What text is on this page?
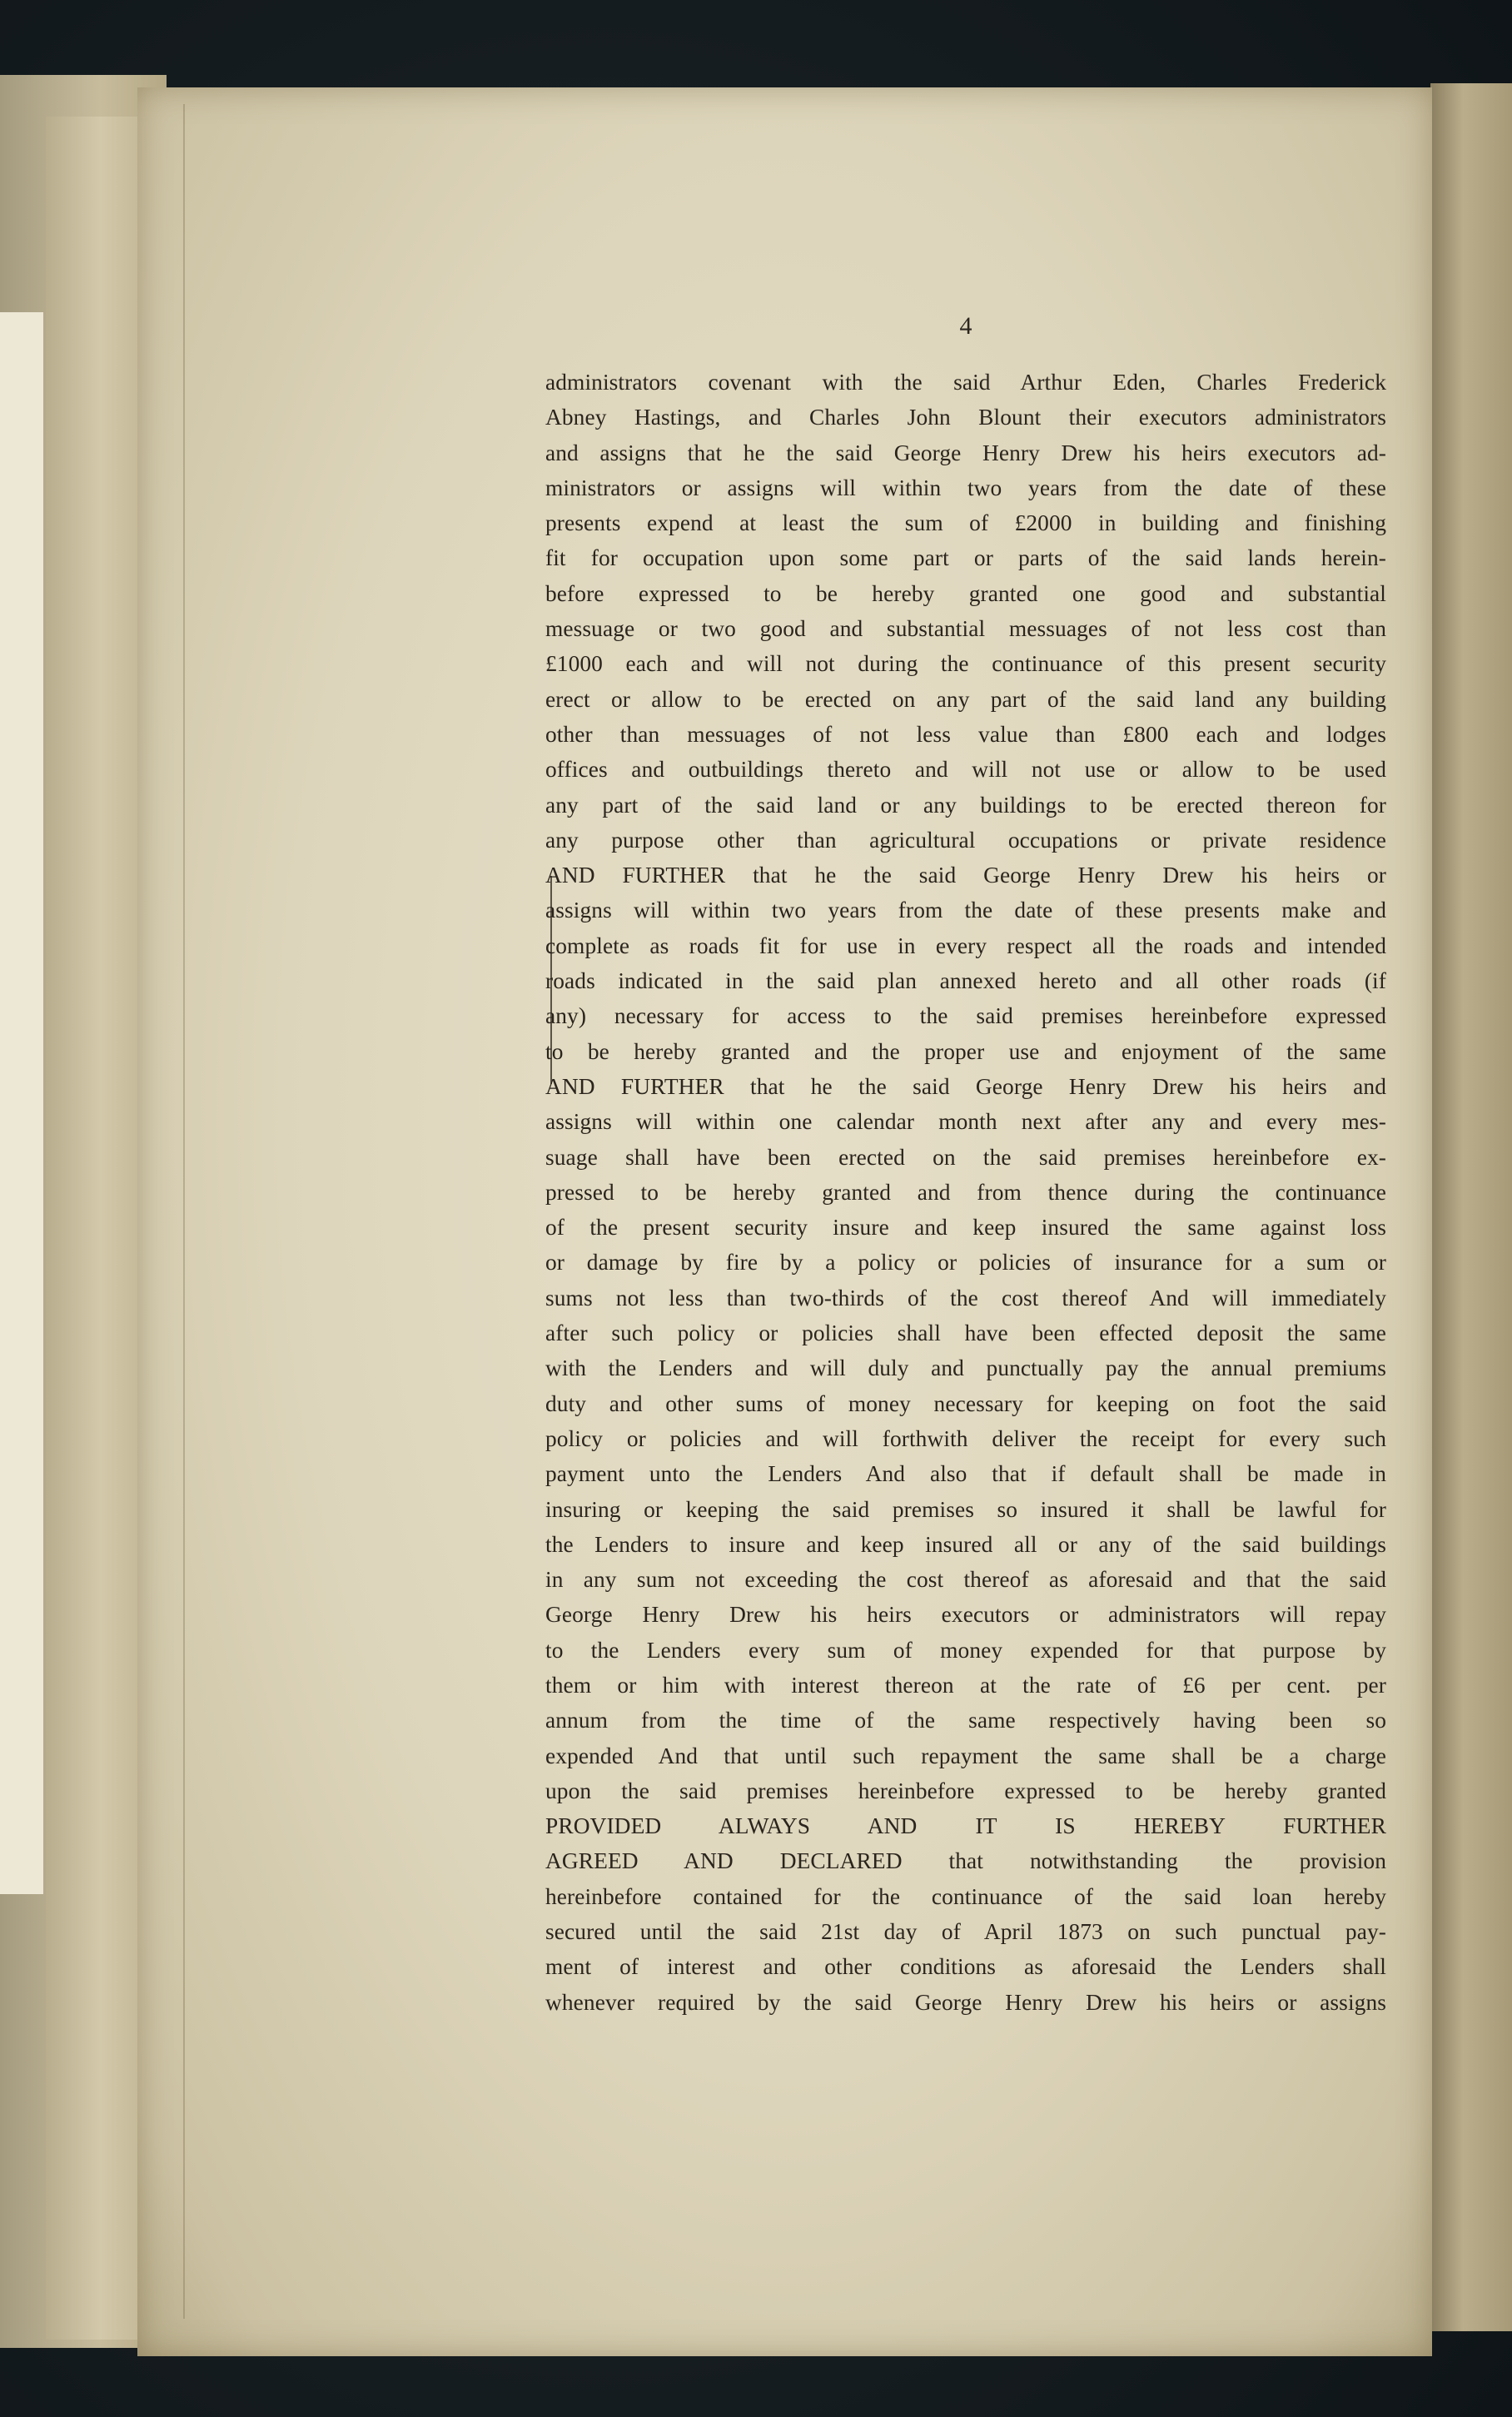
4
administrators covenant with the said Arthur Eden, Charles Frederick
Abney Hastings, and Charles John Blount their executors administrators
and assigns that he the said George Henry Drew his heirs executors ad-
ministrators or assigns will within two years from the date of these
presents expend at least the sum of £2000 in building and finishing
fit for occupation upon some part or parts of the said lands herein-
before expressed to be hereby granted one good and substantial
messuage or two good and substantial messuages of not less cost than
£1000 each and will not during the continuance of this present security
erect or allow to be erected on any part of the said land any building
other than messuages of not less value than £800 each and lodges
offices and outbuildings thereto and will not use or allow to be used
any part of the said land or any buildings to be erected thereon for
any purpose other than agricultural occupations or private residence
AND FURTHER that he the said George Henry Drew his heirs or
assigns will within two years from the date of these presents make and
complete as roads fit for use in every respect all the roads and intended
roads indicated in the said plan annexed hereto and all other roads (if
any) necessary for access to the said premises hereinbefore expressed
to be hereby granted and the proper use and enjoyment of the same
AND FURTHER that he the said George Henry Drew his heirs and
assigns will within one calendar month next after any and every mes-
suage shall have been erected on the said premises hereinbefore ex-
pressed to be hereby granted and from thence during the continuance
of the present security insure and keep insured the same against loss
or damage by fire by a policy or policies of insurance for a sum or
sums not less than two-thirds of the cost thereof And will immediately
after such policy or policies shall have been effected deposit the same
with the Lenders and will duly and punctually pay the annual premiums
duty and other sums of money necessary for keeping on foot the said
policy or policies and will forthwith deliver the receipt for every such
payment unto the Lenders And also that if default shall be made in
insuring or keeping the said premises so insured it shall be lawful for
the Lenders to insure and keep insured all or any of the said buildings
in any sum not exceeding the cost thereof as aforesaid and that the said
George Henry Drew his heirs executors or administrators will repay
to the Lenders every sum of money expended for that purpose by
them or him with interest thereon at the rate of £6 per cent. per
annum from the time of the same respectively having been so
expended And that until such repayment the same shall be a charge
upon the said premises hereinbefore expressed to be hereby granted
PROVIDED ALWAYS AND IT IS HEREBY FURTHER
AGREED AND DECLARED that notwithstanding the provision
hereinbefore contained for the continuance of the said loan hereby
secured until the said 21st day of April 1873 on such punctual pay-
ment of interest and other conditions as aforesaid the Lenders shall
whenever required by the said George Henry Drew his heirs or assigns
